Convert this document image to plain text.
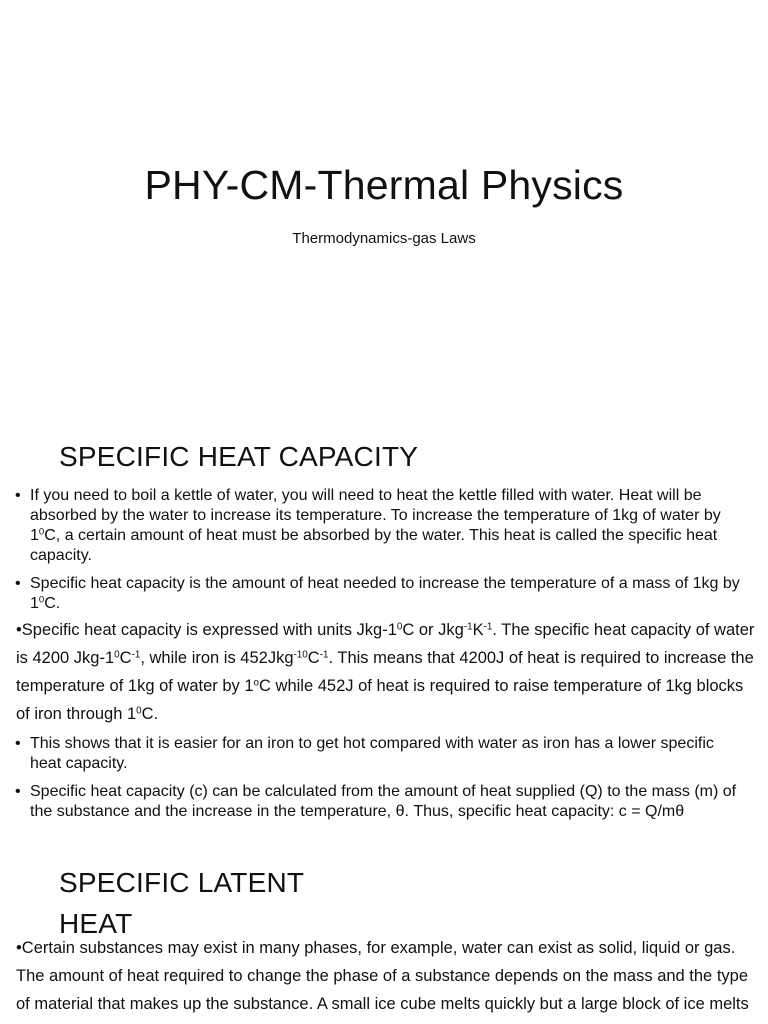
PHY-CM-Thermal Physics

Thermodynamics-gas Laws

SPECIFIC HEAT CAPACITY

• If you need to boil a kettle of water, you will need to heat the kettle filled with water. Heat will be absorbed by the water to increase its temperature. To increase the temperature of 1kg of water by $1^0C$, a certain amount of heat must be absorbed by the water. This heat is called the specific heat capacity.

• Specific heat capacity is the amount of heat needed to increase the temperature of a mass of 1kg by $1^0C$.

•Specific heat capacity is expressed with units Jkg-$1^0C$ or $Jkg^{-1}K^{-1}$. The specific heat capacity of water is 4200 Jkg-$1^0C^{-1}$, while iron is $452Jkg^{-10}C^{-1}$. This means that 4200J of heat is required to increase the temperature of 1kg of water by 1$^o$C while 452J of heat is required to raise temperature of 1kg blocks of iron through $1^0C$.

• This shows that it is easier for an iron to get hot compared with water as iron has a lower specific heat capacity.

• Specific heat capacity (c) can be calculated from the amount of heat supplied (Q) to the mass (m) of the substance and the increase in the temperature, θ. Thus, specific heat capacity: c = Q/mθ

SPECIFIC LATENT
HEAT

•Certain substances may exist in many phases, for example, water can exist as solid, liquid or gas. The amount of heat required to change the phase of a substance depends on the mass and the type of material that makes up the substance. A small ice cube melts quickly but a large block of ice melts
